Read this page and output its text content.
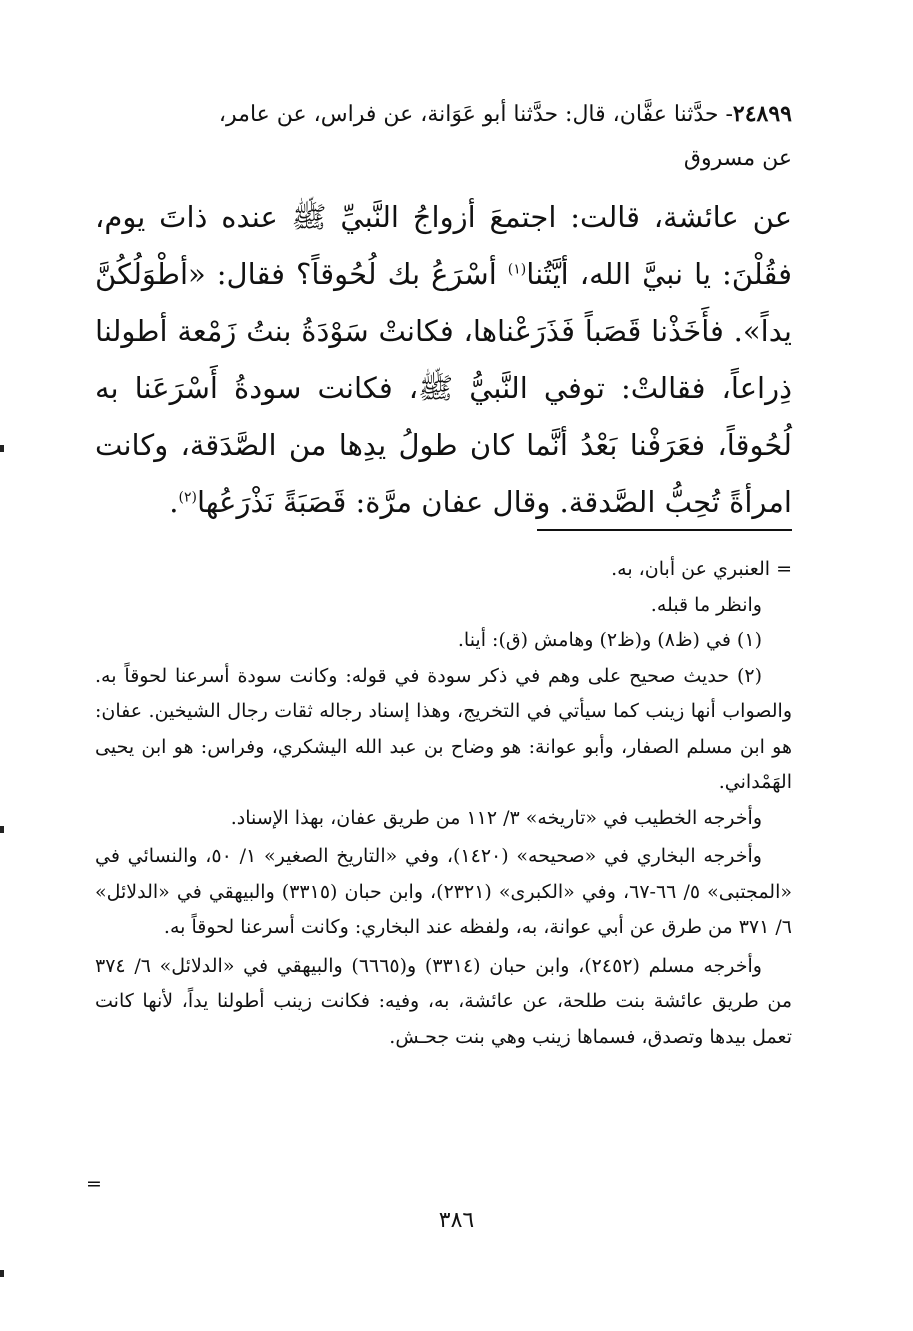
٢٤٨٩٩- حدَّثنا عفَّان، قال: حدَّثنا أبو عَوَانة، عن فراس، عن عامر،
عن مسروق

عن عائشة، قالت: اجتمعَ أزواجُ النَّبيِّ ﷺ عنده ذاتَ يوم، فقُلْنَ: يا نبيَّ الله، أيَّتُنا$^{(١)}$ أسْرَعُ بك لُحُوقاً؟ فقال: «أطْوَلُكُنَّ يداً». فأَخَذْنا قَصَباً فَذَرَعْناها، فكانتْ سَوْدَةُ بنتُ زَمْعة أطولنا ذِراعاً، فقالتْ: توفي النَّبيُّ ﷺ، فكانت سودةُ أَسْرَعَنا به لُحُوقاً، فعَرَفْنا بَعْدُ أنَّما كان طولُ يدِها من الصَّدَقة، وكانت امرأةً تُحِبُّ الصَّدقة. وقال عفان مرَّة: قَصَبَةً نَذْرَعُها$^{(٢)}$.

= العنبري عن أبان، به.

وانظر ما قبله.

(١) في (ظ٨) و(ظ٢) وهامش (ق): أينا.

(٢) حديث صحيح على وهم في ذكر سودة في قوله: وكانت سودة أسرعنا لحوقاً به. والصواب أنها زينب كما سيأتي في التخريج، وهذا إسناد رجاله ثقات رجال الشيخين. عفان: هو ابن مسلم الصفار، وأبو عوانة: هو وضاح بن عبد الله اليشكري، وفراس: هو ابن يحيى الهَمْداني.

وأخرجه الخطيب في «تاريخه» ٣/ ١١٢ من طريق عفان، بهذا الإسناد.

وأخرجه البخاري في «صحيحه» (١٤٢٠)، وفي «التاريخ الصغير» ١/ ٥٠، والنسائي في «المجتبى» ٥/ ٦٦-٦٧، وفي «الكبرى» (٢٣٢١)، وابن حبان (٣٣١٥) والبيهقي في «الدلائل» ٦/ ٣٧١ من طرق عن أبي عوانة، به، ولفظه عند البخاري: وكانت أسرعنا لحوقاً به.

وأخرجه مسلم (٢٤٥٢)، وابن حبان (٣٣١٤) و(٦٦٦٥) والبيهقي في «الدلائل» ٦/ ٣٧٤ من طريق عائشة بنت طلحة، عن عائشة، به، وفيه: فكانت زينب أطولنا يداً، لأنها كانت تعمل بيدها وتصدق، فسماها زينب وهي بنت جحـش.

=
٣٨٦
